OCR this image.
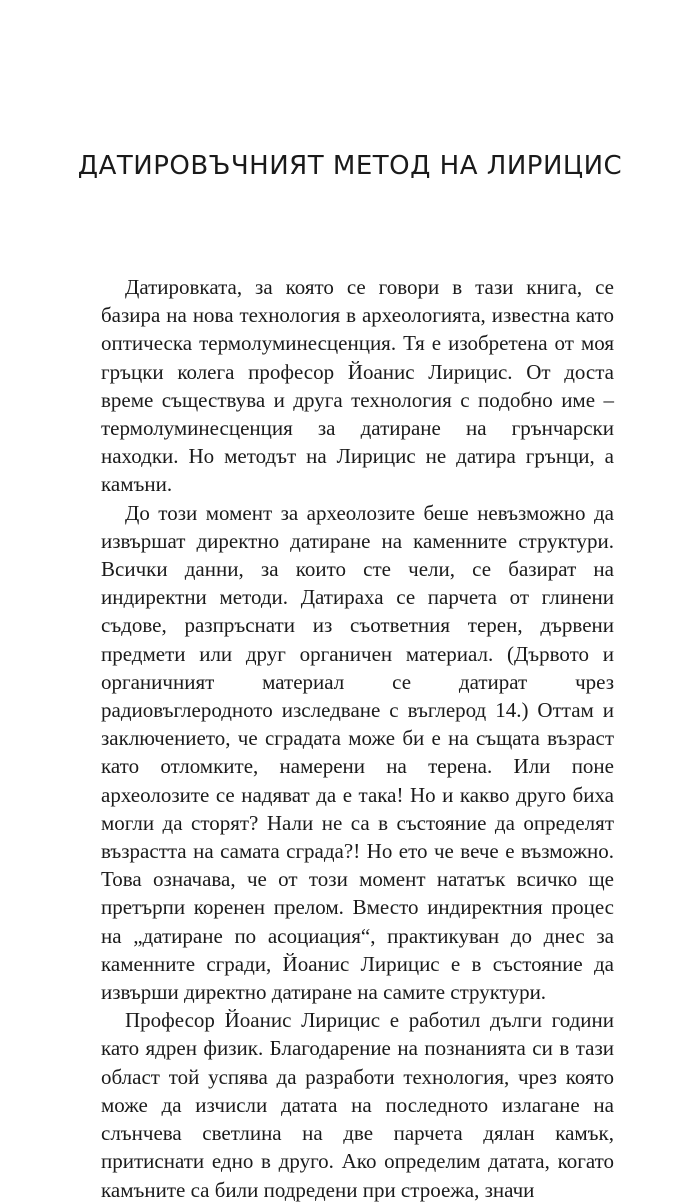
ДАТИРОВЪЧНИЯТ МЕТОД НА ЛИРИЦИС

Датировката, за която се говори в тази книга, се базира на нова технология в археологията, известна като оптическа термолуминесценция. Тя е изобретена от моя гръцки колега професор Йоанис Лирицис. От доста време съществува и друга технология с подобно име – термолуминесценция за датиране на грънчарски находки. Но методът на Лирицис не датира грънци, а камъни.

До този момент за археолозите беше невъзможно да извършат директно датиране на каменните структури. Всички данни, за които сте чели, се базират на индиректни методи. Датираха се парчета от глинени съдове, разпръснати из съответния терен, дървени предмети или друг органичен материал. (Дървото и органичният материал се датират чрез радиовъглеродното изследване с въглерод 14.) Оттам и заключението, че сградата може би е на същата възраст като отломките, намерени на терена. Или поне археолозите се надяват да е така! Но и какво друго биха могли да сторят? Нали не са в състояние да определят възрастта на самата сграда?! Но ето че вече е възможно. Това означава, че от този момент нататък всичко ще претърпи коренен прелом. Вместо индиректния процес на „датиране по асоциация“, практикуван до днес за каменните сгради, Йоанис Лирицис е в състояние да извърши директно датиране на самите структури.

Професор Йоанис Лирицис е работил дълги години като ядрен физик. Благодарение на познанията си в тази област той успява да разработи технология, чрез която може да изчисли датата на последното излагане на слънчева светлина на две парчета дялан камък, притиснати едно в друго. Ако определим датата, когато камъните са били подредени при строежа, значи
